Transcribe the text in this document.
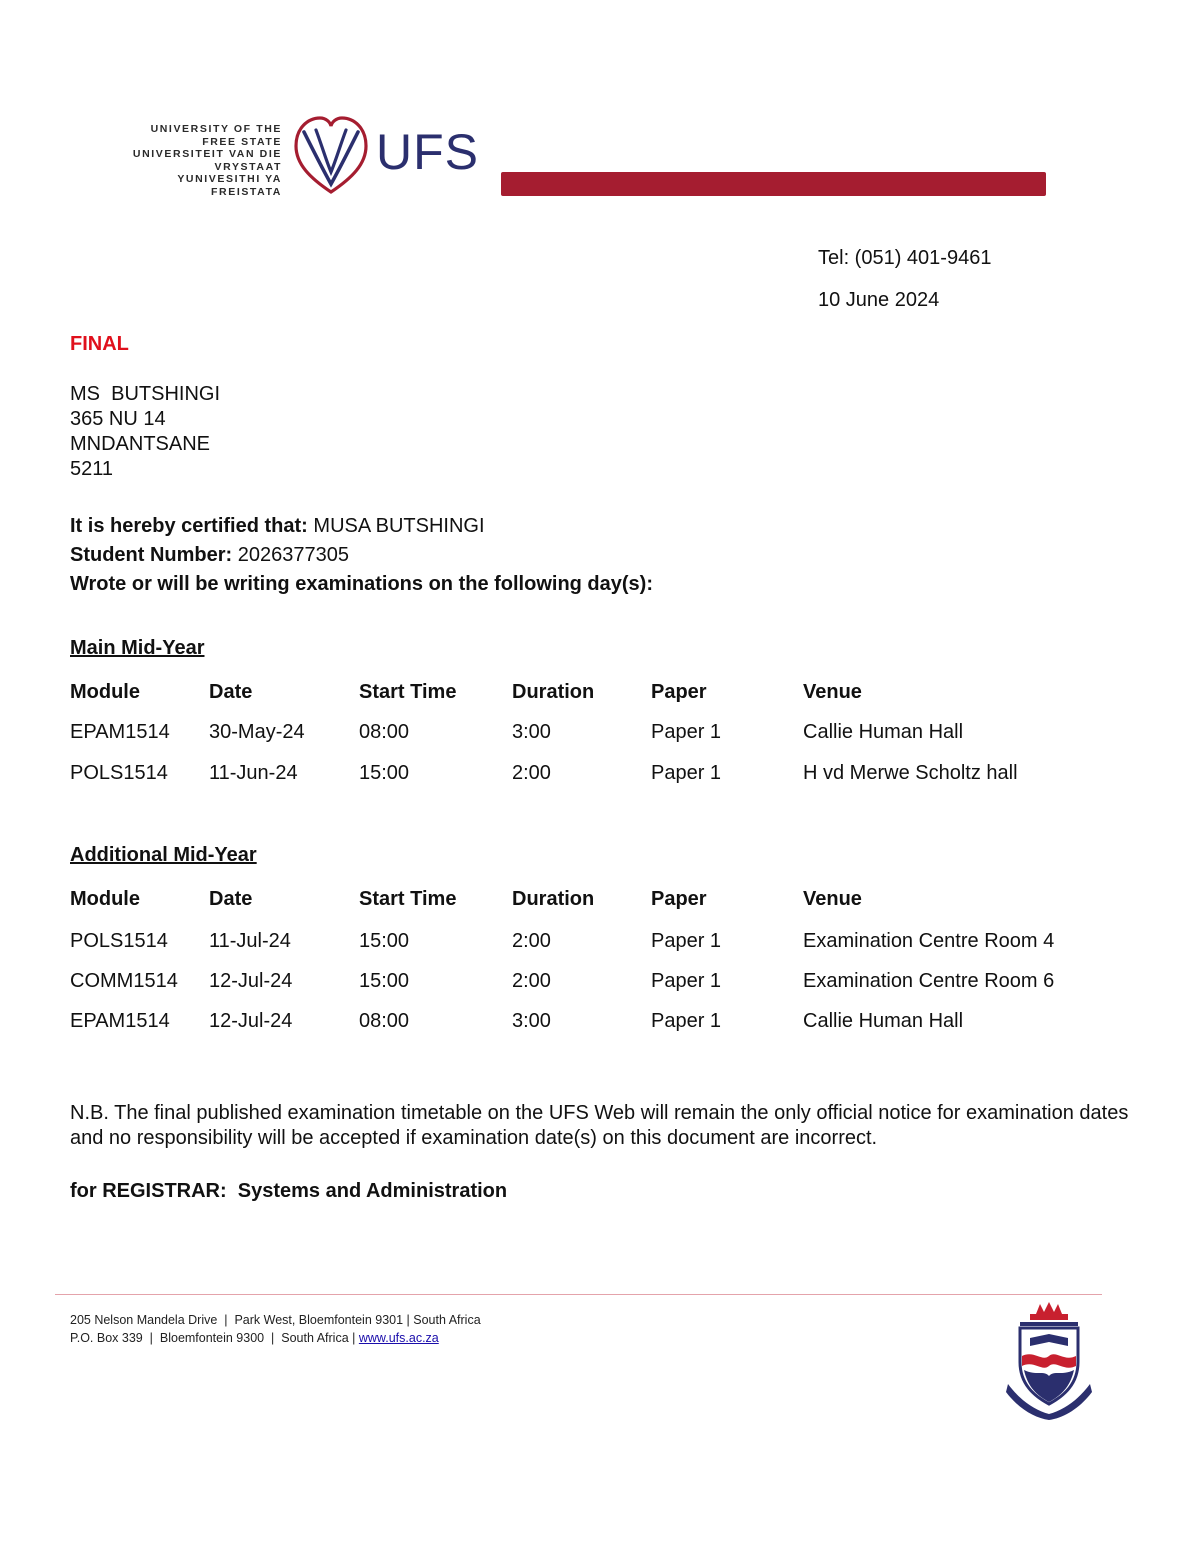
UNIVERSITY OF THE
FREE STATE
UNIVERSITEIT VAN DIE
VRYSTAAT
YUNIVESITHI YA
FREISTATA
UFS
Tel: (051) 401-9461
10 June 2024
FINAL
MS  BUTSHINGI
365 NU 14
MNDANTSANE
5211
It is hereby certified that: MUSA BUTSHINGI
Student Number: 2026377305
Wrote or will be writing examinations on the following day(s):
Main Mid-Year
Module	Date	Start Time	Duration	Paper	Venue
EPAM1514 30-May-24	08:00	3:00	Paper 1	Callie Human Hall
POLS1514 11-Jun-24	15:00	2:00	Paper 1	H vd Merwe Scholtz hall
Additional Mid-Year
Module	Date	Start Time	Duration	Paper	Venue
POLS1514 11-Jul-24	15:00	2:00	Paper 1	Examination Centre Room 4
COMM1514 12-Jul-24	15:00	2:00	Paper 1	Examination Centre Room 6
EPAM1514 12-Jul-24	08:00	3:00	Paper 1	Callie Human Hall
N.B. The final published examination timetable on the UFS Web will remain the only official notice for examination dates and no responsibility will be accepted if examination date(s) on this document are incorrect.
for REGISTRAR:  Systems and Administration
205 Nelson Mandela Drive  |  Park West, Bloemfontein 9301 | South Africa
P.O. Box 339  |  Bloemfontein 9300  |  South Africa | www.ufs.ac.za
